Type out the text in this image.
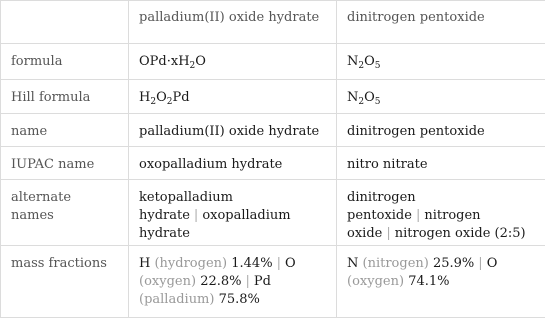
	palladium(II) oxide hydrate	dinitrogen pentoxide
formula	$OPd\cdot xH_2O$	$N_2O_5$
Hill formula	$H_2O_2Pd$	$N_2O_5$
name	palladium(II) oxide hydrate	dinitrogen pentoxide
IUPAC name	oxopalladium hydrate	nitro nitrate
alternate names	ketopalladium hydrate | oxopalladium hydrate	dinitrogen pentoxide | nitrogen oxide | nitrogen oxide (2:5)
mass fractions	H (hydrogen) 1.44% | O (oxygen) 22.8% | Pd (palladium) 75.8%	N (nitrogen) 25.9% | O (oxygen) 74.1%
